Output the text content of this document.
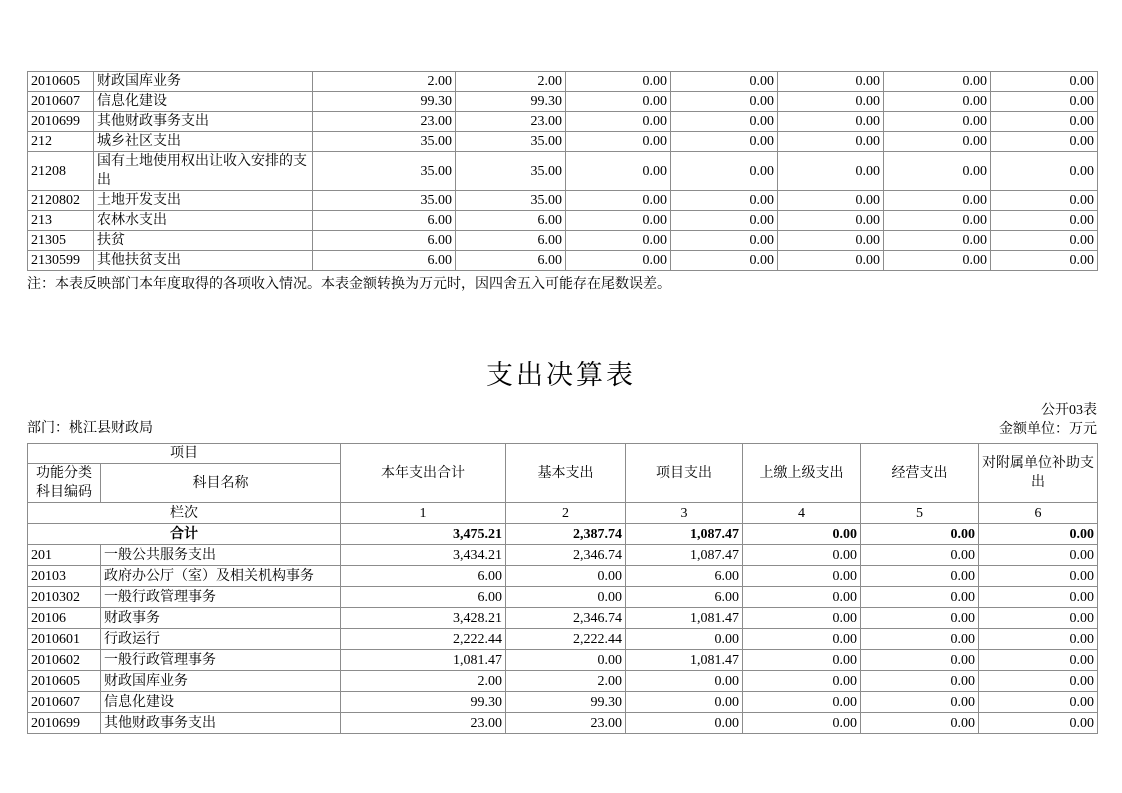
2010605	财政国库业务	2.00	2.00	0.00	0.00	0.00	0.00	0.00
2010607	信息化建设	99.30	99.30	0.00	0.00	0.00	0.00	0.00
2010699	其他财政事务支出	23.00	23.00	0.00	0.00	0.00	0.00	0.00
212	城乡社区支出	35.00	35.00	0.00	0.00	0.00	0.00	0.00
21208	国有土地使用权出让收入安排的支出	35.00	35.00	0.00	0.00	0.00	0.00	0.00
2120802	土地开发支出	35.00	35.00	0.00	0.00	0.00	0.00	0.00
213	农林水支出	6.00	6.00	0.00	0.00	0.00	0.00	0.00
21305	扶贫	6.00	6.00	0.00	0.00	0.00	0.00	0.00
2130599	其他扶贫支出	6.00	6.00	0.00	0.00	0.00	0.00	0.00
注：本表反映部门本年度取得的各项收入情况。本表金额转换为万元时，因四舍五入可能存在尾数误差。
支出决算表
公开03表
部门：桃江县财政局	金额单位：万元
项目		本年支出合计	基本支出	项目支出	上缴上级支出	经营支出	对附属单位补助支出
功能分类科目编码	科目名称						
栏次		1	2	3	4	5	6
合计		3,475.21	2,387.74	1,087.47	0.00	0.00	0.00
201	一般公共服务支出	3,434.21	2,346.74	1,087.47	0.00	0.00	0.00
20103	政府办公厅（室）及相关机构事务	6.00	0.00	6.00	0.00	0.00	0.00
2010302	一般行政管理事务	6.00	0.00	6.00	0.00	0.00	0.00
20106	财政事务	3,428.21	2,346.74	1,081.47	0.00	0.00	0.00
2010601	行政运行	2,222.44	2,222.44	0.00	0.00	0.00	0.00
2010602	一般行政管理事务	1,081.47	0.00	1,081.47	0.00	0.00	0.00
2010605	财政国库业务	2.00	2.00	0.00	0.00	0.00	0.00
2010607	信息化建设	99.30	99.30	0.00	0.00	0.00	0.00
2010699	其他财政事务支出	23.00	23.00	0.00	0.00	0.00	0.00
